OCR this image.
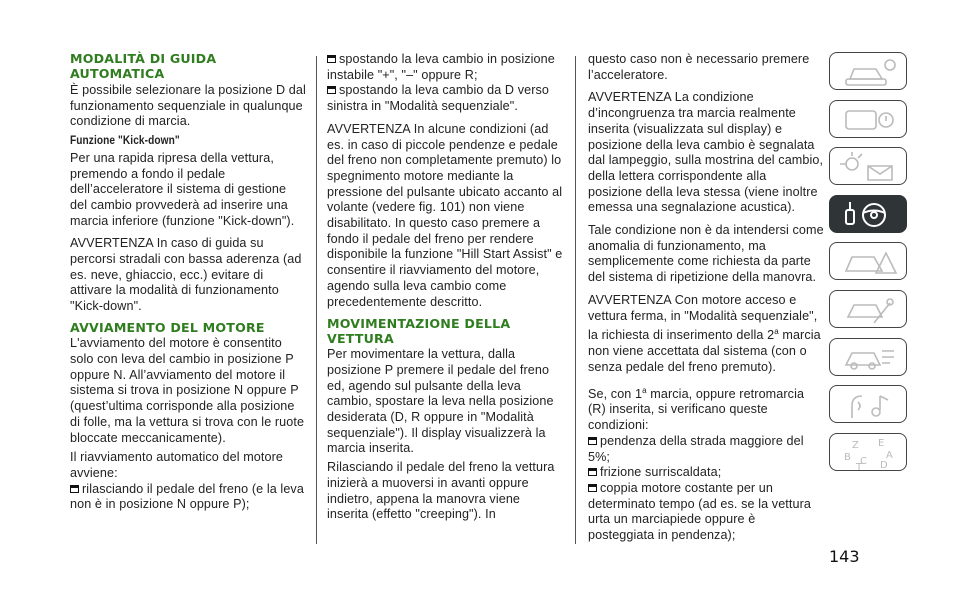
MODALITÀ DI GUIDA AUTOMATICA

È possibile selezionare la posizione D dal funzionamento sequenziale in qualunque condizione di marcia.

Funzione "Kick-down"

Per una rapida ripresa della vettura, premendo a fondo il pedale dell’acceleratore il sistema di gestione del cambio provvederà ad inserire una marcia inferiore (funzione "Kick-down").

AVVERTENZA In caso di guida su percorsi stradali con bassa aderenza (ad es. neve, ghiaccio, ecc.) evitare di attivare la modalità di funzionamento "Kick-down".

AVVIAMENTO DEL MOTORE

L'avviamento del motore è consentito solo con leva del cambio in posizione P oppure N. All’avviamento del motore il sistema si trova in posizione N oppure P (quest’ultima corrisponde alla posizione di folle, ma la vettura si trova con le ruote bloccate meccanicamente).

Il riavviamento automatico del motore avviene:

rilasciando il pedale del freno (e la leva non è in posizione N oppure P);

spostando la leva cambio in posizione instabile "+", "–" oppure R;

spostando la leva cambio da D verso sinistra in "Modalità sequenziale".

AVVERTENZA In alcune condizioni (ad es. in caso di piccole pendenze e pedale del freno non completamente premuto) lo spegnimento motore mediante la pressione del pulsante ubicato accanto al volante (vedere fig. 101) non viene disabilitato. In questo caso premere a fondo il pedale del freno per rendere disponibile la funzione "Hill Start Assist" e consentire il riavviamento del motore, agendo sulla leva cambio come precedentemente descritto.

MOVIMENTAZIONE DELLA VETTURA

Per movimentare la vettura, dalla posizione P premere il pedale del freno ed, agendo sul pulsante della leva cambio, spostare la leva nella posizione desiderata (D, R oppure in "Modalità sequenziale"). Il display visualizzerà la marcia inserita.

Rilasciando il pedale del freno la vettura inizierà a muoversi in avanti oppure indietro, appena la manovra viene inserita (effetto "creeping"). In

questo caso non è necessario premere l’acceleratore.

AVVERTENZA La condizione d’incongruenza tra marcia realmente inserita (visualizzata sul display) e posizione della leva cambio è segnalata dal lampeggio, sulla mostrina del cambio, della lettera corrispondente alla posizione della leva stessa (viene inoltre emessa una segnalazione acustica).

Tale condizione non è da intendersi come anomalia di funzionamento, ma semplicemente come richiesta da parte del sistema di ripetizione della manovra.

AVVERTENZA Con motore acceso e vettura ferma, in "Modalità sequenziale", la richiesta di inserimento della 2$^a$ marcia non viene accettata dal sistema (con o senza pedale del freno premuto).

Se, con 1$^a$ marcia, oppure retromarcia (R) inserita, si verificano queste condizioni:

pendenza della strada maggiore del 5%;

frizione surriscaldata;

coppia motore costante per un determinato tempo (ad es. se la vettura urta un marciapiede oppure è posteggiata in pendenza);

Z E
B	A
C D
T
143
